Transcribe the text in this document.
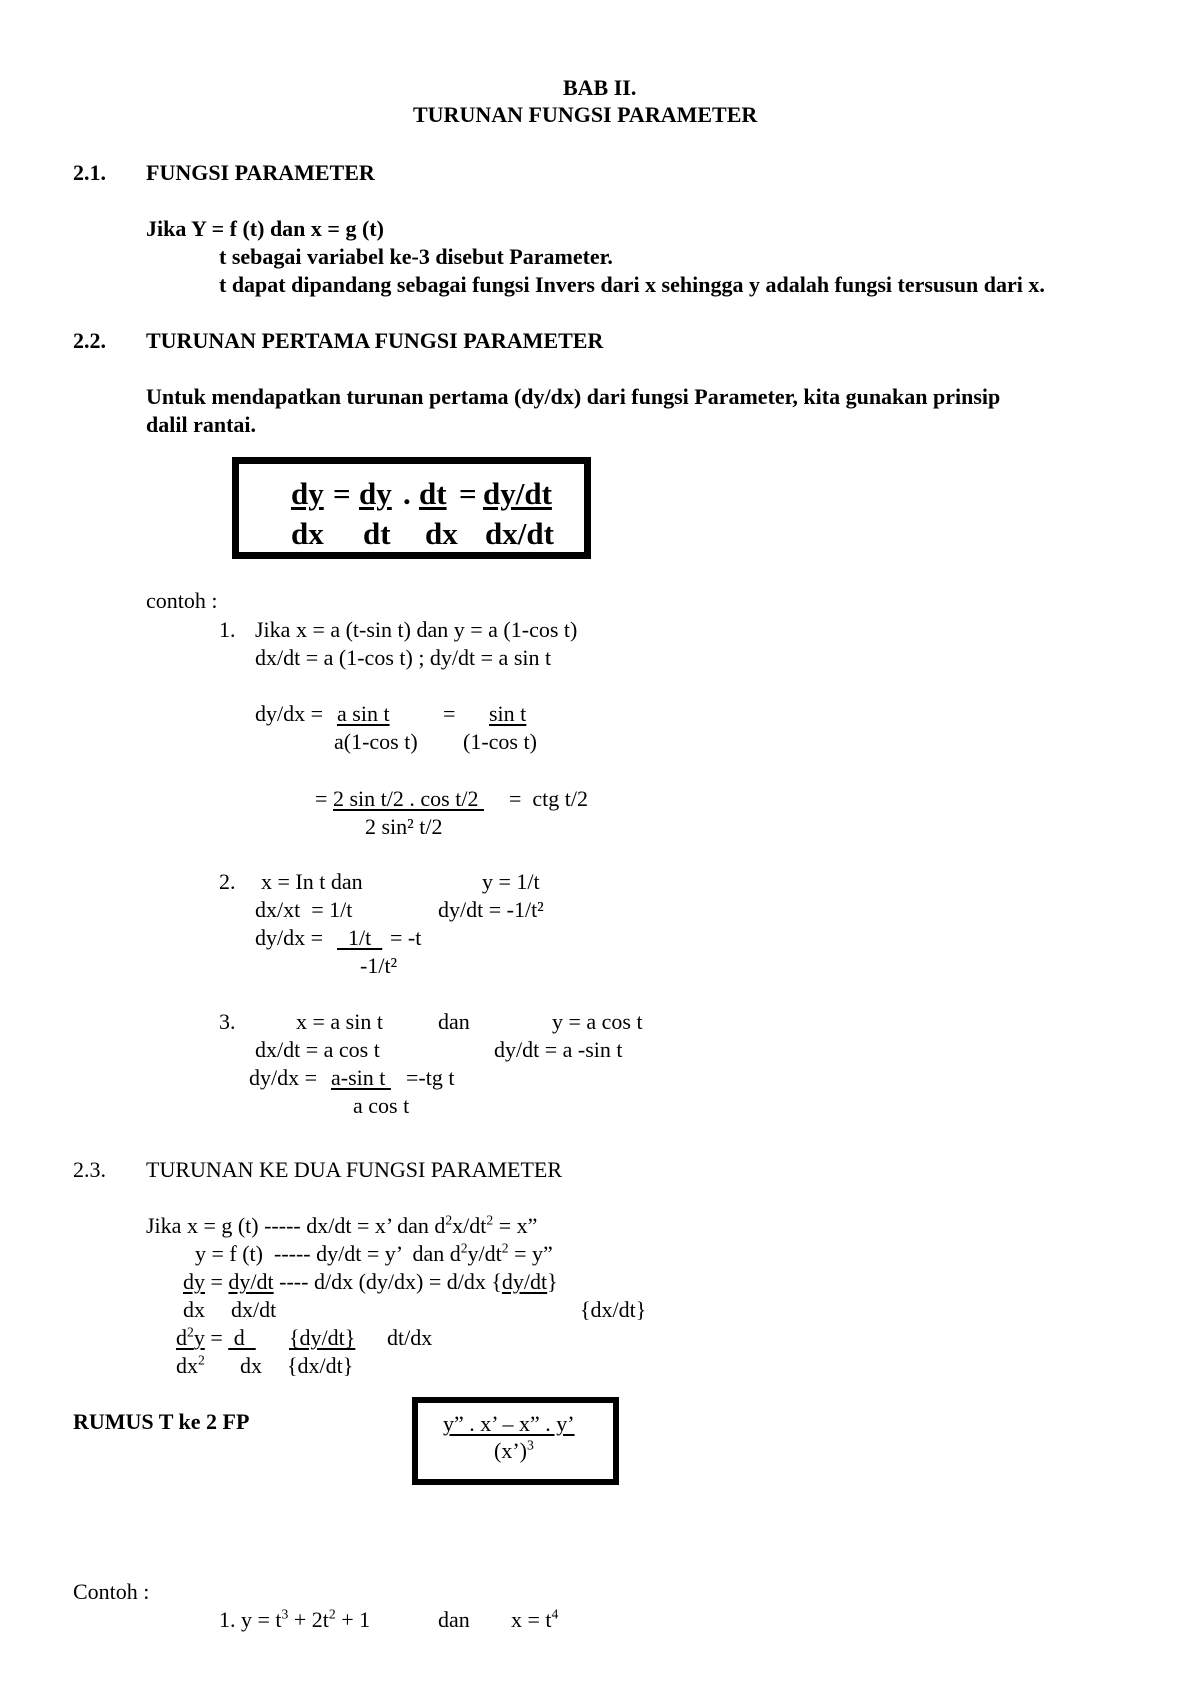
BAB II.
TURUNAN FUNGSI PARAMETER
2.1. FUNGSI PARAMETER
Jika Y = f (t) dan x = g (t)
t sebagai variabel ke-3 disebut Parameter.
t dapat dipandang sebagai fungsi Invers dari x sehingga y adalah fungsi tersusun dari x.
2.2. TURUNAN PERTAMA FUNGSI PARAMETER
Untuk mendapatkan turunan pertama (dy/dx) dari fungsi Parameter, kita gunakan prinsip
dalil rantai.
dy = dy . dt = dy/dt
dx dt dx dx/dt
contoh :
1. Jika x = a (t-sin t) dan y = a (1-cos t)
dx/dt = a (1-cos t) ; dy/dt = a sin t
dy/dx = a sin t = sin t
a(1-cos t) (1-cos t)
= 2 sin t/2 . cos t/2 =  ctg t/2
2 sin² t/2
2. x = In t dan	y = 1/t
dx/xt  = 1/t	dy/dt = -1/t²
dy/dx = 1/t = -t
-1/t²
3.	x = a sin t	dan	y = a cos t
dx/dt = a cos t	dy/dt = a -sin t
dy/dx = a-sin t =-tg t
a cos t
2.3. TURUNAN KE DUA FUNGSI PARAMETER
Jika x = g (t) ----- dx/dt = x’ dan $d^2x/dt^2 = x$”
y = f (t)  ----- dy/dt = y’  dan $d^2y/dt^2 = y$”
dy = dy/dt ---- d/dx (dy/dx) = d/dx {dy/dt}
dx dx/dt	{dx/dt}
$d^2y = d$ {dy/dt} dt/dx
$dx^2$ dx {dx/dt}
RUMUS T ke 2 FP	y” . x’ – x” . y’
(x’)$^3$
Contoh :
1. $y = t^3 + 2t^2 + 1$	dan $x = t^4$
